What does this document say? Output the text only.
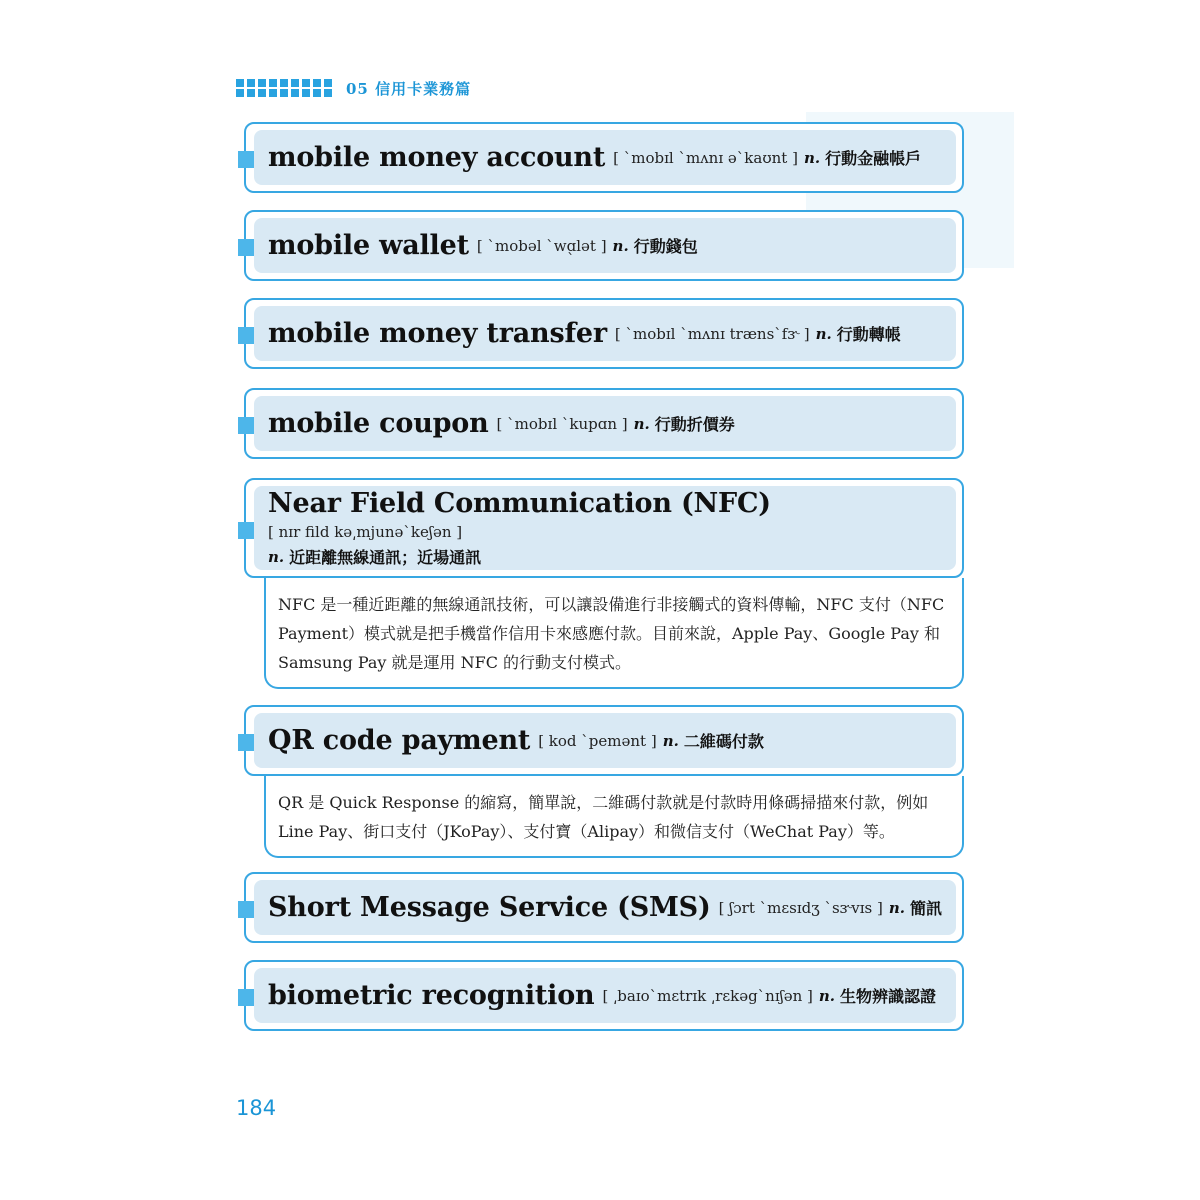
05 信用卡業務篇
mobile money account [ `mobɪl `mʌnɪ ə`kaʊnt ] n. 行動金融帳戶
mobile wallet [ `mobəl `wɑ̖lət ] n. 行動錢包
mobile money transfer [ `mobɪl `mʌnɪ træns`fɝ ] n. 行動轉帳
mobile coupon [ `mobɪl `kupɑn ] n. 行動折價券
Near Field Communication (NFC)
[ nɪr fild kə͵mjunə`keʃən ]
n. 近距離無線通訊；近場通訊
NFC 是一種近距離的無線通訊技術，可以讓設備進行非接觸式的資料傳輸，NFC 支付（NFC Payment）模式就是把手機當作信用卡來感應付款。目前來說，Apple Pay、Google Pay 和 Samsung Pay 就是運用 NFC 的行動支付模式。
QR code payment [ kod `pemənt ] n. 二維碼付款
QR 是 Quick Response 的縮寫，簡單說，二維碼付款就是付款時用條碼掃描來付款，例如Line Pay、街口支付（JKoPay）、支付寶（Alipay）和微信支付（WeChat Pay）等。
Short Message Service (SMS) [ ʃɔrt `mɛsɪdʒ `sɝvɪs ] n. 簡訊
biometric recognition [ ͵baɪo`mɛtrɪk ͵rɛkəg`nɪʃən ] n. 生物辨識認證
184
